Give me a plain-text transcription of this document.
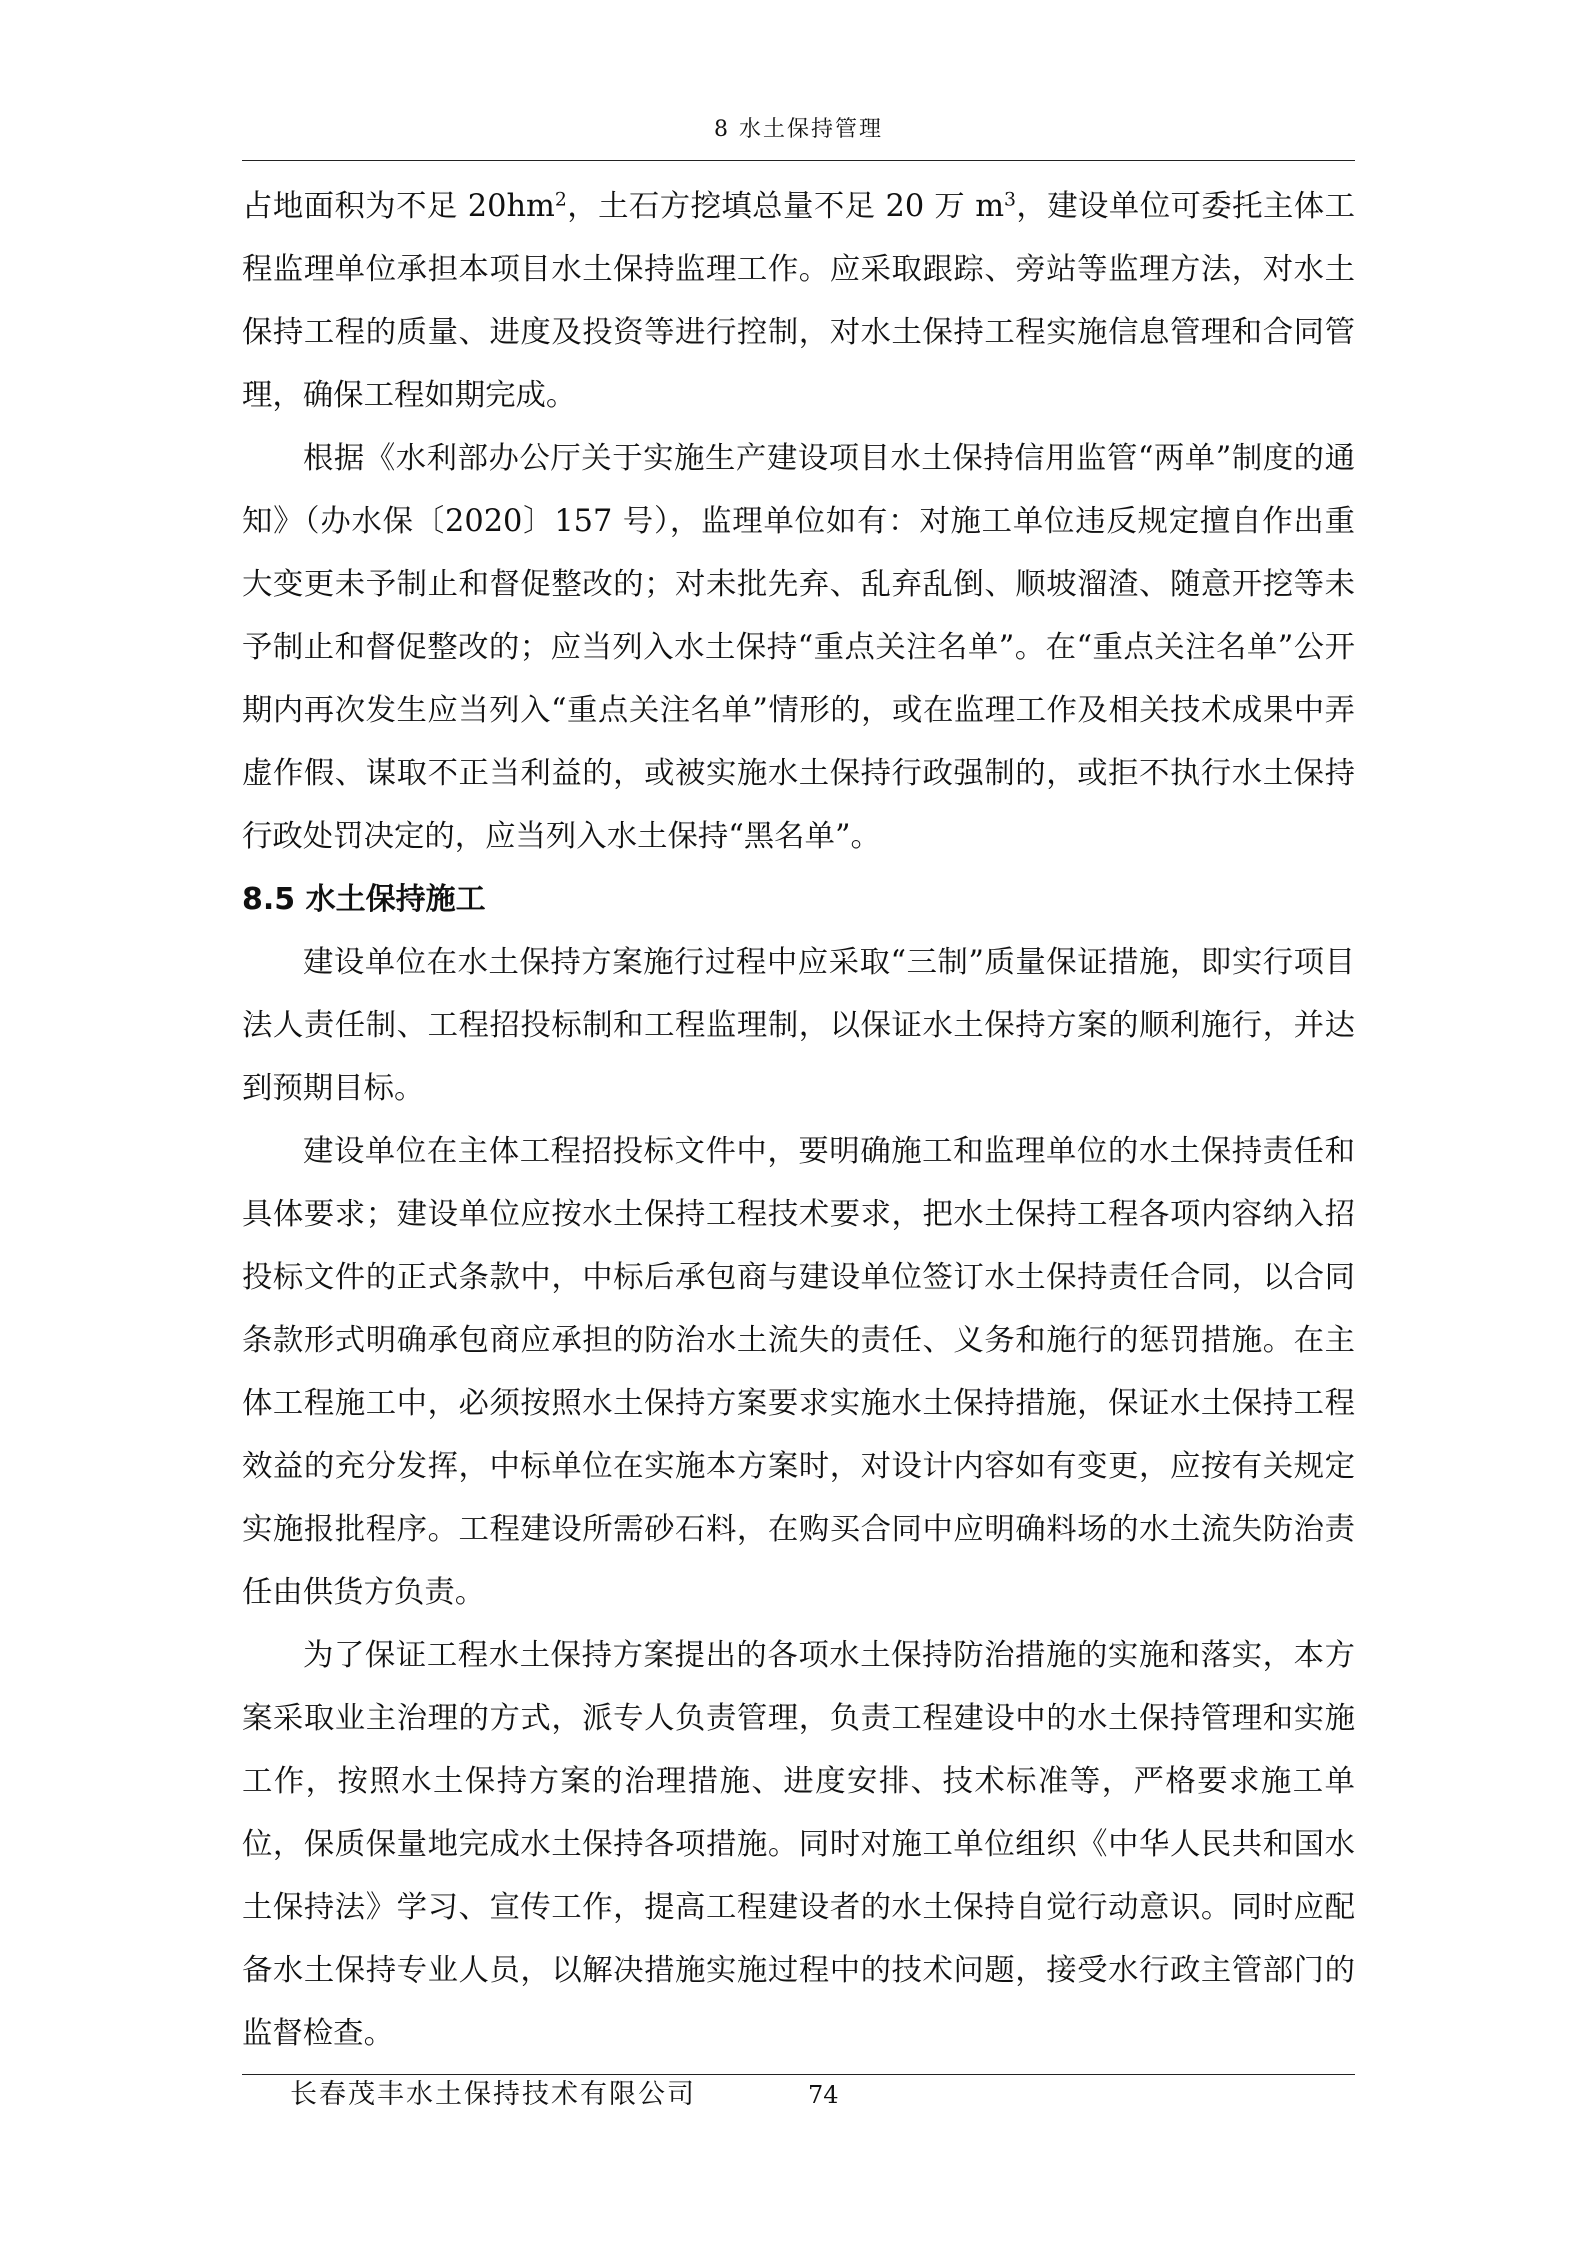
8 水土保持管理

占地面积为不足 $20hm^2$，土石方挖填总量不足 20 万 $m^3$，建设单位可委托主体工程监理单位承担本项目水土保持监理工作。应采取跟踪、旁站等监理方法，对水土保持工程的质量、进度及投资等进行控制，对水土保持工程实施信息管理和合同管理，确保工程如期完成。

根据《水利部办公厅关于实施生产建设项目水土保持信用监管“两单”制度的通知》（办水保〔2020〕157 号），监理单位如有：对施工单位违反规定擅自作出重大变更未予制止和督促整改的；对未批先弃、乱弃乱倒、顺坡溜渣、随意开挖等未予制止和督促整改的；应当列入水土保持“重点关注名单”。在“重点关注名单”公开期内再次发生应当列入“重点关注名单”情形的，或在监理工作及相关技术成果中弄虚作假、谋取不正当利益的，或被实施水土保持行政强制的，或拒不执行水土保持行政处罚决定的，应当列入水土保持“黑名单”。

8.5 水土保持施工

建设单位在水土保持方案施行过程中应采取“三制”质量保证措施，即实行项目法人责任制、工程招投标制和工程监理制，以保证水土保持方案的顺利施行，并达到预期目标。

建设单位在主体工程招投标文件中，要明确施工和监理单位的水土保持责任和具体要求；建设单位应按水土保持工程技术要求，把水土保持工程各项内容纳入招投标文件的正式条款中，中标后承包商与建设单位签订水土保持责任合同，以合同条款形式明确承包商应承担的防治水土流失的责任、义务和施行的惩罚措施。在主体工程施工中，必须按照水土保持方案要求实施水土保持措施，保证水土保持工程效益的充分发挥，中标单位在实施本方案时，对设计内容如有变更，应按有关规定实施报批程序。工程建设所需砂石料，在购买合同中应明确料场的水土流失防治责任由供货方负责。

为了保证工程水土保持方案提出的各项水土保持防治措施的实施和落实，本方案采取业主治理的方式，派专人负责管理，负责工程建设中的水土保持管理和实施工作，按照水土保持方案的治理措施、进度安排、技术标准等，严格要求施工单位，保质保量地完成水土保持各项措施。同时对施工单位组织《中华人民共和国水土保持法》学习、宣传工作，提高工程建设者的水土保持自觉行动意识。同时应配备水土保持专业人员，以解决措施实施过程中的技术问题，接受水行政主管部门的监督检查。

长春茂丰水土保持技术有限公司	74
